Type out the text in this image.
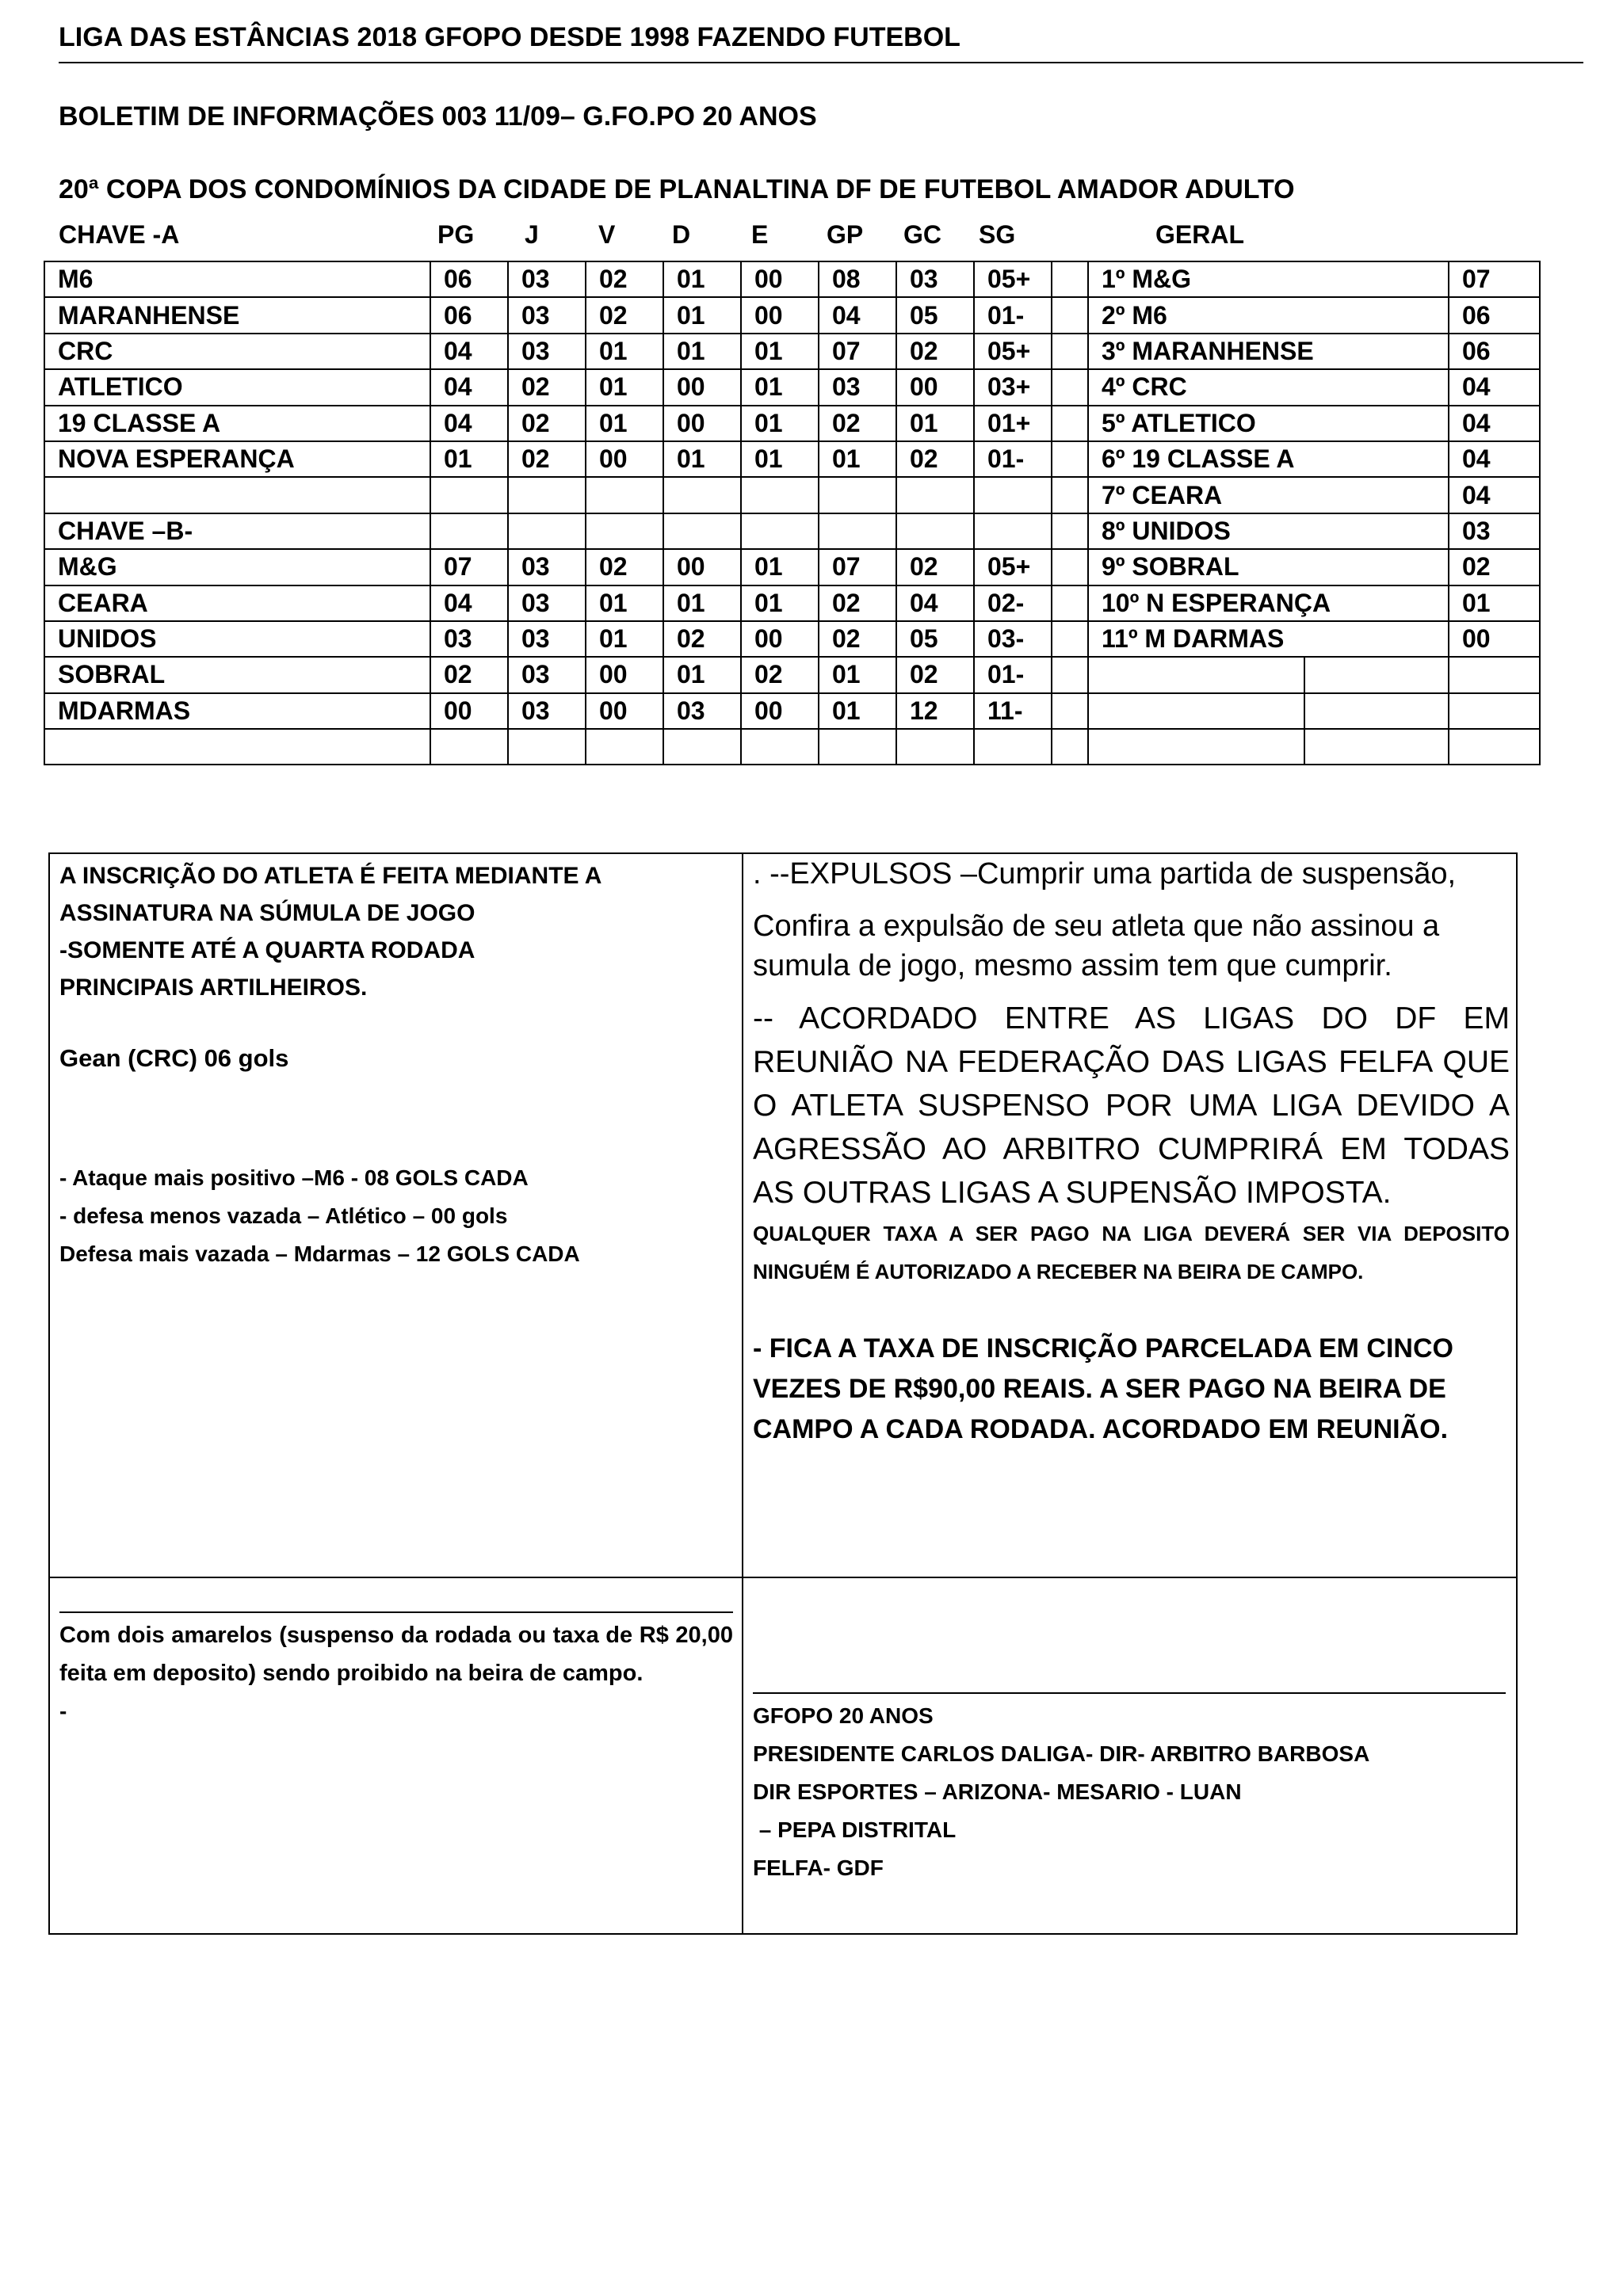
LIGA DAS ESTÂNCIAS 2018 GFOPO DESDE 1998 FAZENDO FUTEBOL
BOLETIM DE INFORMAÇÕES 003 11/09– G.FO.PO 20 ANOS
20ª COPA DOS CONDOMÍNIOS DA CIDADE DE PLANALTINA DF DE FUTEBOL AMADOR ADULTO
CHAVE -A	PG J V D E GP GC SG	GERAL
M6	06	03	02	01	00	08	03	05+		1º M&G		07
MARANHENSE	06	03	02	01	00	04	05	01-		2º M6		06
CRC	04	03	01	01	01	07	02	05+		3º MARANHENSE		06
ATLETICO	04	02	01	00	01	03	00	03+		4º CRC		04
19 CLASSE A	04	02	01	00	01	02	01	01+		5º ATLETICO		04
NOVA ESPERANÇA	01	02	00	01	01	01	02	01-		6º 19 CLASSE A		04
										7º CEARA		04
CHAVE –B-										8º UNIDOS		03
M&G	07	03	02	00	01	07	02	05+		9º SOBRAL		02
CEARA	04	03	01	01	01	02	04	02-		10º N ESPERANÇA		01
UNIDOS	03	03	01	02	00	02	05	03-		11º M DARMAS		00
SOBRAL	02	03	00	01	02	01	02	01-				
MDARMAS	00	03	00	03	00	01	12	11-				

A INSCRIÇÃO DO ATLETA É FEITA MEDIANTE A

ASSINATURA NA SÚMULA DE JOGO

-SOMENTE ATÉ A QUARTA RODADA

PRINCIPAIS ARTILHEIROS.

Gean (CRC) 06 gols

- Ataque mais positivo –M6 - 08 GOLS CADA

- defesa menos vazada – Atlético – 00 gols

Defesa mais vazada – Mdarmas – 12 GOLS CADA

. --EXPULSOS –Cumprir uma partida de suspensão,

Confira a expulsão de seu atleta que não assinou a sumula de jogo, mesmo assim tem que cumprir.

-- ACORDADO ENTRE AS LIGAS DO DF EM REUNIÃO NA FEDERAÇÃO DAS LIGAS FELFA QUE O ATLETA SUSPENSO POR UMA LIGA DEVIDO A AGRESSÃO AO ARBITRO CUMPRIRÁ EM TODAS AS OUTRAS LIGAS A SUPENSÃO IMPOSTA.

QUALQUER TAXA A SER PAGO NA LIGA DEVERÁ SER VIA DEPOSITO NINGUÉM É AUTORIZADO A RECEBER NA BEIRA DE CAMPO.

- FICA A TAXA DE INSCRIÇÃO PARCELADA EM CINCO VEZES DE R$90,00 REAIS. A SER PAGO NA BEIRA DE CAMPO A CADA RODADA. ACORDADO EM REUNIÃO.

Com dois amarelos (suspenso da rodada ou taxa de R$ 20,00 feita em deposito) sendo proibido na beira de campo.

-	GFOPO 20 ANOS

PRESIDENTE CARLOS DALIGA- DIR- ARBITRO BARBOSA

DIR ESPORTES – ARIZONA- MESARIO - LUAN

– PEPA DISTRITAL

FELFA- GDF
